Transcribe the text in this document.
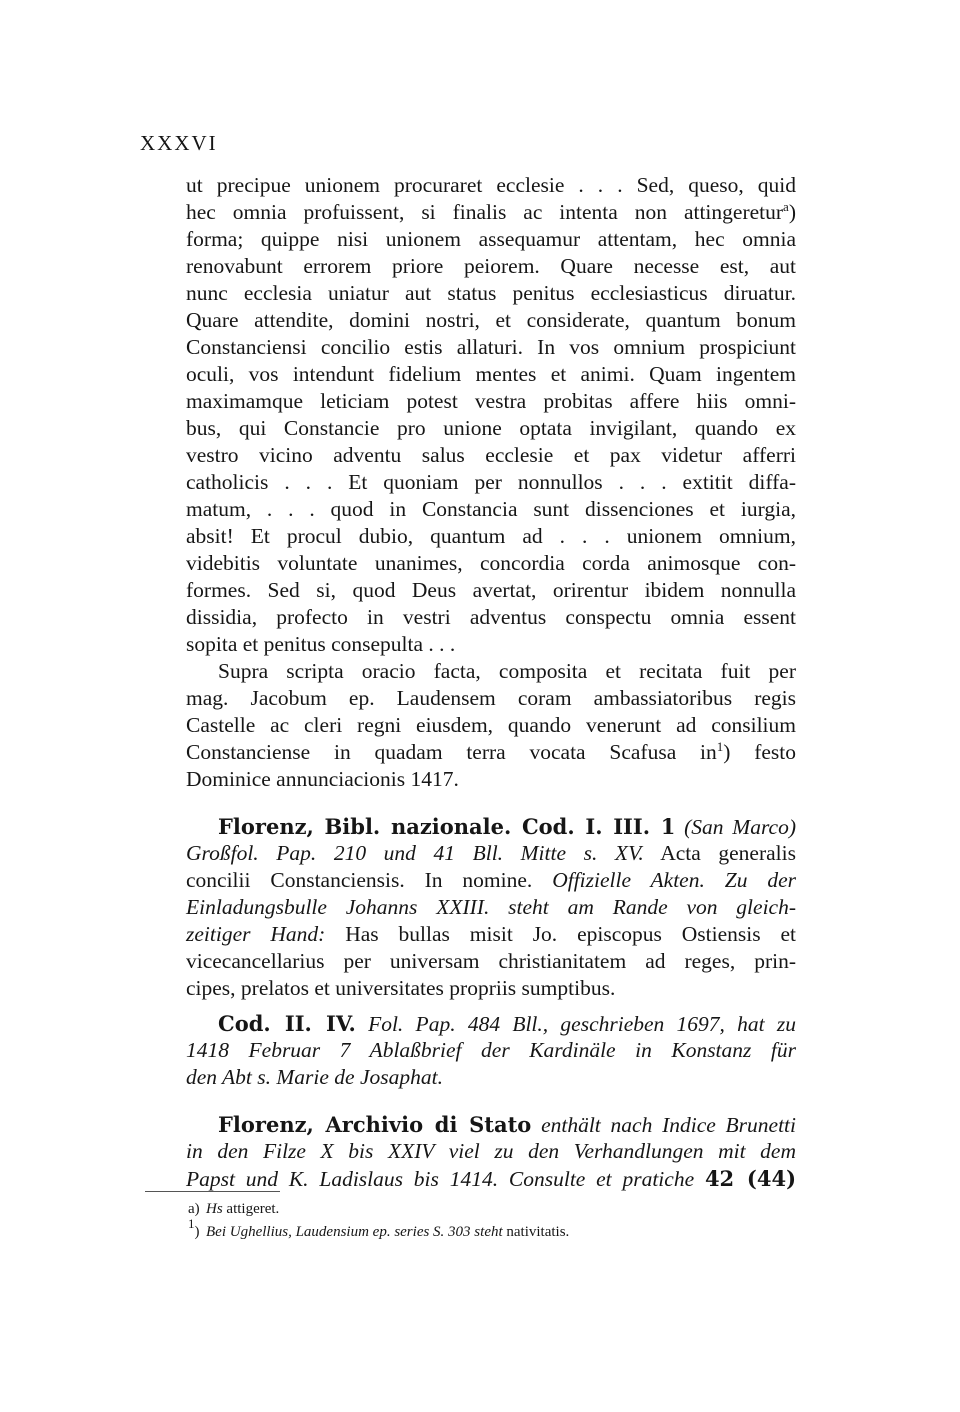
XXXVI
ut precipue unionem procuraret ecclesie . . . Sed, queso, quid
hec omnia profuissent, si finalis ac intenta non attingeretur$^a$)
forma; quippe nisi unionem assequamur attentam, hec omnia
renovabunt errorem priore peiorem. Quare necesse est, aut
nunc ecclesia uniatur aut status penitus ecclesiasticus diruatur.
Quare attendite, domini nostri, et considerate, quantum bonum
Constanciensi concilio estis allaturi. In vos omnium prospiciunt
oculi, vos intendunt fidelium mentes et animi. Quam ingentem
maximamque leticiam potest vestra probitas affere hiis omni-
bus, qui Constancie pro unione optata invigilant, quando ex
vestro vicino adventu salus ecclesie et pax videtur afferri
catholicis . . . Et quoniam per nonnullos . . . extitit diffa-
matum, . . . quod in Constancia sunt dissenciones et iurgia,
absit! Et procul dubio, quantum ad . . . unionem omnium,
videbitis voluntate unanimes, concordia corda animosque con-
formes. Sed si, quod Deus avertat, orirentur ibidem nonnulla
dissidia, profecto in vestri adventus conspectu omnia essent
sopita et penitus consepulta . . .
Supra scripta oracio facta, composita et recitata fuit per
mag. Jacobum ep. Laudensem coram ambassiatoribus regis
Castelle ac cleri regni eiusdem, quando venerunt ad consilium
Constanciense in quadam terra vocata Scafusa $in^1$) festo
Dominice annunciacionis 1417.
Florenz, Bibl. nazionale. Cod. I. III. 1 (San Marco)
Großfol. Pap. 210 und 41 Bll. Mitte s. XV. Acta generalis
concilii Constanciensis. In nomine. Offizielle Akten. Zu der
Einladungsbulle Johanns XXIII. steht am Rande von gleich-
zeitiger Hand: Has bullas misit Jo. episcopus Ostiensis et
vicecancellarius per universam christianitatem ad reges, prin-
cipes, prelatos et universitates propriis sumptibus.
Cod. II. IV. Fol. Pap. 484 Bll., geschrieben 1697, hat zu
1418 Februar 7 Ablaßbrief der Kardinäle in Konstanz für
den Abt s. Marie de Josaphat.
Florenz, Archivio di Stato enthält nach Indice Brunetti
in den Filze X bis XXIV viel zu den Verhandlungen mit dem
Papst und K. Ladislaus bis 1414. Consulte et pratiche 42 (44)
a) Hs attigeret.
$^1$) Bei Ughellius, Laudensium ep. series S. 303 steht nativitatis.
